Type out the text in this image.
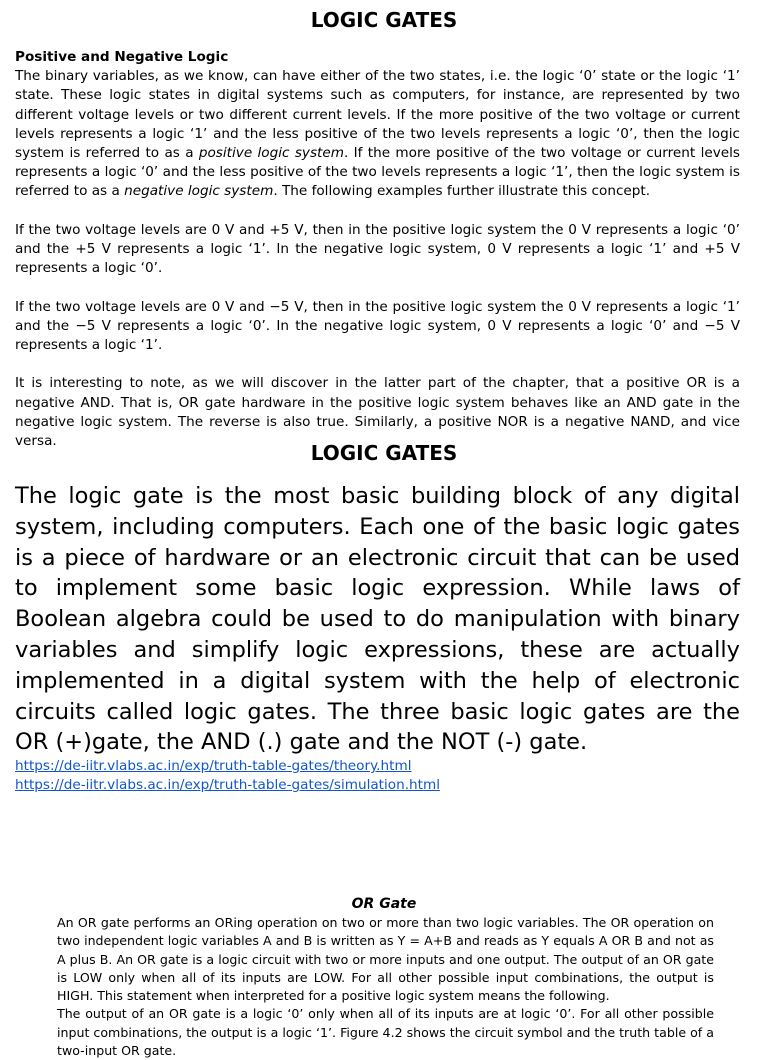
LOGIC GATES

Positive and Negative Logic

The binary variables, as we know, can have either of the two states, i.e. the logic ‘0’ state or the logic ‘1’ state. These logic states in digital systems such as computers, for instance, are represented by two different voltage levels or two different current levels. If the more positive of the two voltage or current levels represents a logic ‘1’ and the less positive of the two levels represents a logic ‘0’, then the logic system is referred to as a positive logic system. If the more positive of the two voltage or current levels represents a logic ‘0’ and the less positive of the two levels represents a logic ‘1’, then the logic system is referred to as a negative logic system. The following examples further illustrate this concept.

If the two voltage levels are 0 V and +5 V, then in the positive logic system the 0 V represents a logic ‘0’ and the +5 V represents a logic ‘1’. In the negative logic system, 0 V represents a logic ‘1’ and +5 V represents a logic ‘0’.

If the two voltage levels are 0 V and −5 V, then in the positive logic system the 0 V represents a logic ‘1’ and the −5 V represents a logic ‘0’. In the negative logic system, 0 V represents a logic ‘0’ and −5 V represents a logic ‘1’.

It is interesting to note, as we will discover in the latter part of the chapter, that a positive OR is a negative AND. That is, OR gate hardware in the positive logic system behaves like an AND gate in the negative logic system. The reverse is also true. Similarly, a positive NOR is a negative NAND, and vice versa.	LOGIC GATES

The logic gate is the most basic building block of any digital system, including computers. Each one of the basic logic gates is a piece of hardware or an electronic circuit that can be used to implement some basic logic expression. While laws of Boolean algebra could be used to do manipulation with binary variables and simplify logic expressions, these are actually implemented in a digital system with the help of electronic circuits called logic gates. The three basic logic gates are the OR (+)gate, the AND (.) gate and the NOT (-) gate.

https://de-iitr.vlabs.ac.in/exp/truth-table-gates/theory.html
https://de-iitr.vlabs.ac.in/exp/truth-table-gates/simulation.html
OR Gate

An OR gate performs an ORing operation on two or more than two logic variables. The OR operation on two independent logic variables A and B is written as Y = A+B and reads as Y equals A OR B and not as A plus B. An OR gate is a logic circuit with two or more inputs and one output. The output of an OR gate is LOW only when all of its inputs are LOW. For all other possible input combinations, the output is HIGH. This statement when interpreted for a positive logic system means the following.

The output of an OR gate is a logic ‘0’ only when all of its inputs are at logic ‘0’. For all other possible input combinations, the output is a logic ‘1’. Figure 4.2 shows the circuit symbol and the truth table of a two-input OR gate.
